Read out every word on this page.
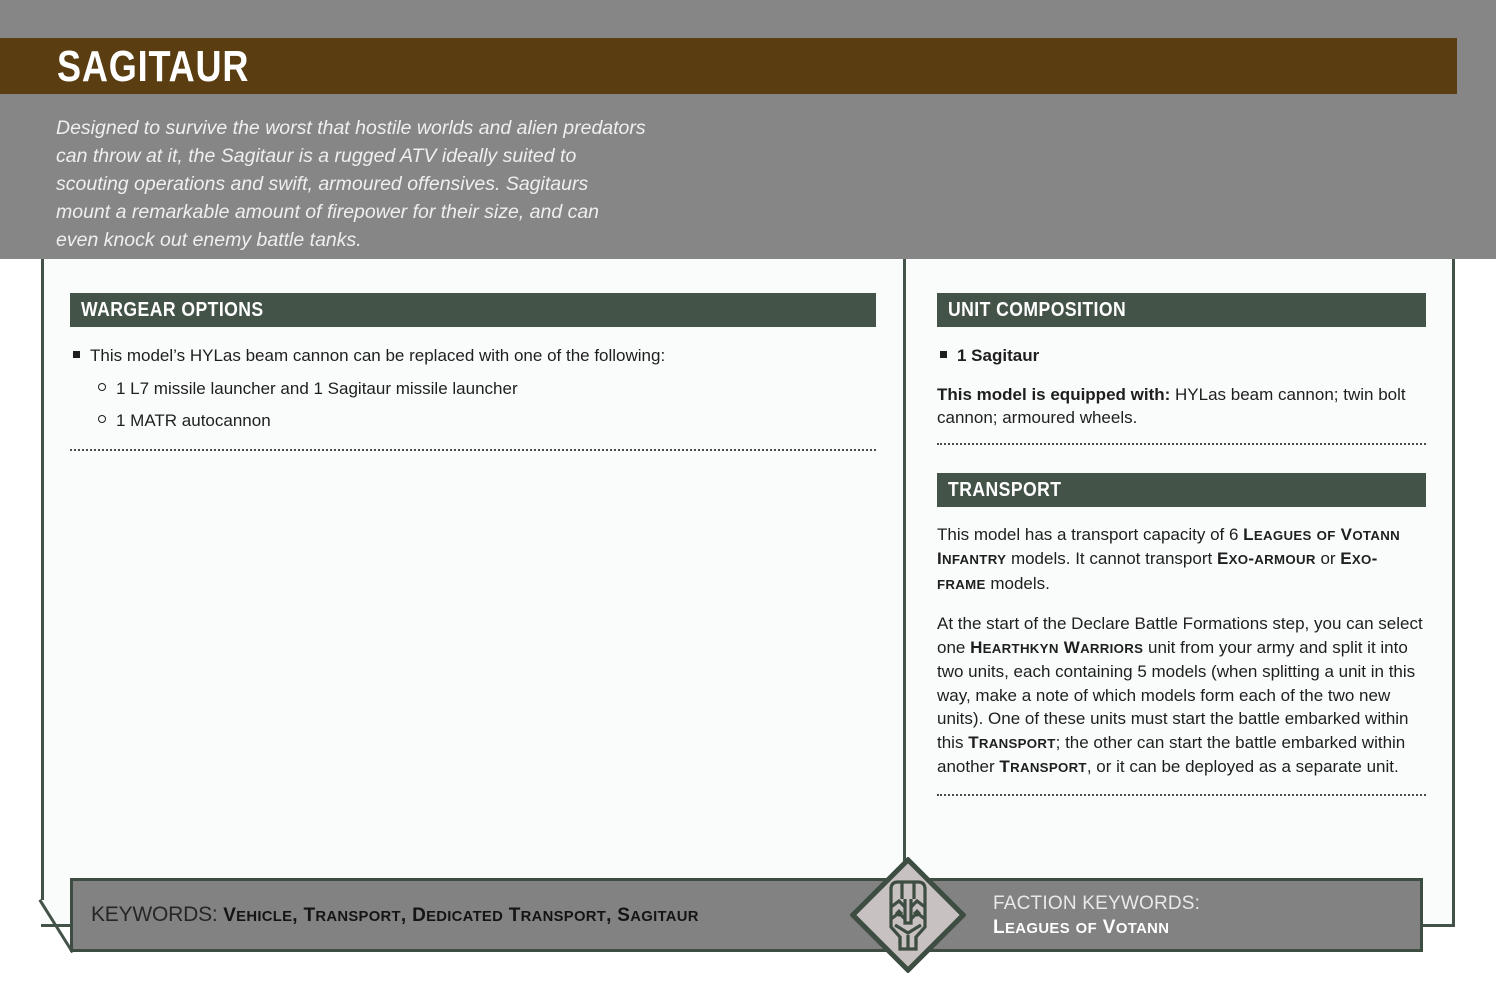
SAGITAUR
Designed to survive the worst that hostile worlds and alien predators can throw at it, the Sagitaur is a rugged ATV ideally suited to scouting operations and swift, armoured offensives. Sagitaurs mount a remarkable amount of firepower for their size, and can even knock out enemy battle tanks.
WARGEAR OPTIONS
This model’s HYLas beam cannon can be replaced with one of the following:
1 L7 missile launcher and 1 Sagitaur missile launcher
1 MATR autocannon
UNIT COMPOSITION
1 Sagitaur

This model is equipped with: HYLas beam cannon; twin bolt cannon; armoured wheels.

TRANSPORT

This model has a transport capacity of 6 LEAGUES OF VOTANN INFANTRY models. It cannot transport EXO-ARMOUR or EXO-FRAME models.

At the start of the Declare Battle Formations step, you can select one HEARTHKYN WARRIORS unit from your army and split it into two units, each containing 5 models (when splitting a unit in this way, make a note of which models form each of the two new units). One of these units must start the battle embarked within this TRANSPORT; the other can start the battle embarked within another TRANSPORT, or it can be deployed as a separate unit.

KEYWORDS: VEHICLE, TRANSPORT, DEDICATED TRANSPORT, SAGITAUR
FACTION KEYWORDS:
LEAGUES OF VOTANN
